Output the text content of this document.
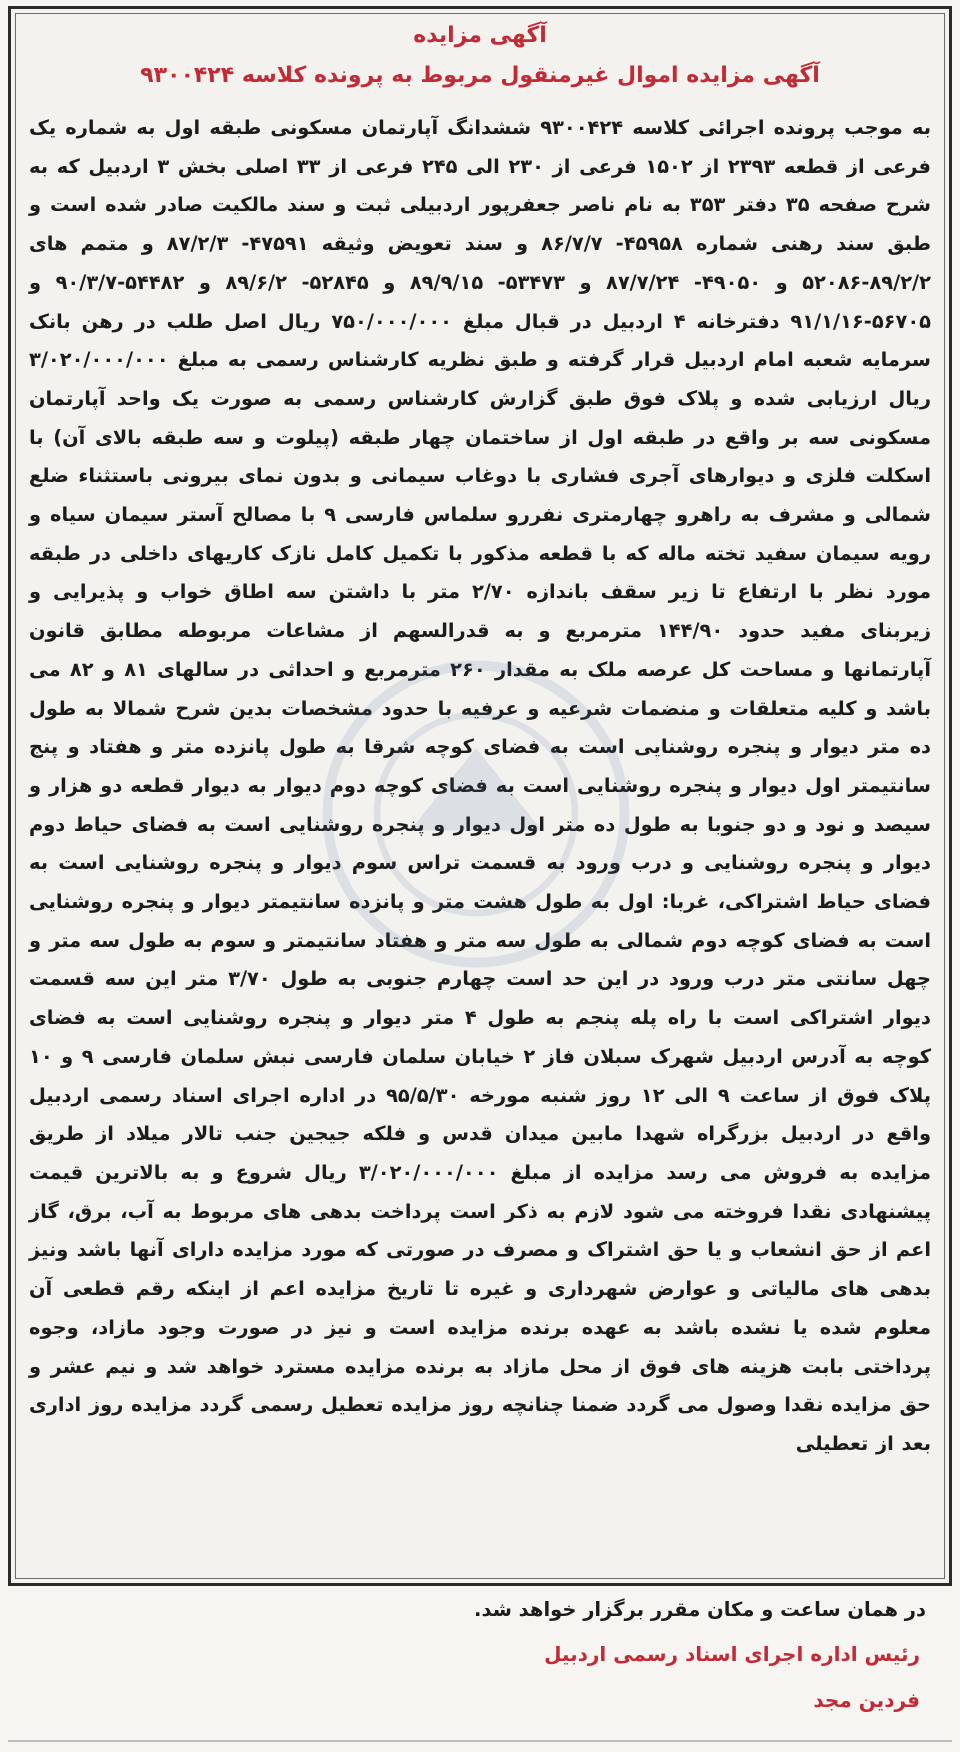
آگهی مزایده
آگهی مزایده اموال غیرمنقول مربوط به پرونده کلاسه ۹۳۰۰۴۲۴
به موجب پرونده اجرائی کلاسه ۹۳۰۰۴۲۴ ششدانگ آپارتمان مسکونی طبقه اول به شماره یک فرعی از قطعه ۲۳۹۳ از ۱۵۰۲ فرعی از ۲۳۰ الی ۲۴۵ فرعی از ۳۳ اصلی بخش ۳ اردبیل که به شرح صفحه ۳۵ دفتر ۳۵۳ به نام ناصر جعفرپور اردبیلی ثبت و سند مالکیت صادر شده است و طبق سند رهنی شماره ۴۵۹۵۸- ۸۶/۷/۷ و سند تعویض وثیقه ۴۷۵۹۱- ۸۷/۲/۳ و متمم های ۸۹/۲/۲-۵۲۰۸۶ و ۴۹۰۵۰- ۸۷/۷/۲۴ و ۵۳۴۷۳- ۸۹/۹/۱۵ و ۵۲۸۴۵- ۸۹/۶/۲ و ۵۴۴۸۲-۹۰/۳/۷ و ۵۶۷۰۵-۹۱/۱/۱۶ دفترخانه ۴ اردبیل در قبال مبلغ ۷۵۰/۰۰۰/۰۰۰ ریال اصل طلب در رهن بانک سرمایه شعبه امام اردبیل قرار گرفته و طبق نظریه کارشناس رسمی به مبلغ ۳/۰۲۰/۰۰۰/۰۰۰ ریال ارزیابی شده و پلاک فوق طبق گزارش کارشناس رسمی به صورت یک واحد آپارتمان مسکونی سه بر واقع در طبقه اول از ساختمان چهار طبقه (پیلوت و سه طبقه بالای آن) با اسکلت فلزی و دیوارهای آجری فشاری با دوغاب سیمانی و بدون نمای بیرونی باستثناء ضلع شمالی و مشرف به راهرو چهارمتری نفررو سلماس فارسی ۹ با مصالح آستر سیمان سیاه و رویه سیمان سفید تخته ماله که با قطعه مذکور با تکمیل کامل نازک کاریهای داخلی در طبقه مورد نظر با ارتفاع تا زیر سقف باندازه ۲/۷۰ متر با داشتن سه اطاق خواب و پذیرایی و زیربنای مفید حدود ۱۴۴/۹۰ مترمربع و به قدرالسهم از مشاعات مربوطه مطابق قانون آپارتمانها و مساحت کل عرصه ملک به مقدار ۲۶۰ مترمربع و احداثی در سالهای ۸۱ و ۸۲ می باشد و کلیه متعلقات و منضمات شرعیه و عرفیه با حدود مشخصات بدین شرح شمالا به طول ده متر دیوار و پنجره روشنایی است به فضای کوچه شرقا به طول پانزده متر و هفتاد و پنج سانتیمتر اول دیوار و پنجره روشنایی است به فضای کوچه دوم دیوار به دیوار قطعه دو هزار و سیصد و نود و دو جنوبا به طول ده متر اول دیوار و پنجره روشنایی است به فضای حیاط دوم دیوار و پنجره روشنایی و درب ورود به قسمت تراس سوم دیوار و پنجره روشنایی است به فضای حیاط اشتراکی، غربا: اول به طول هشت متر و پانزده سانتیمتر دیوار و پنجره روشنایی است به فضای کوچه دوم شمالی به طول سه متر و هفتاد سانتیمتر و سوم به طول سه متر و چهل سانتی متر درب ورود در این حد است چهارم جنوبی به طول ۳/۷۰ متر این سه قسمت دیوار اشتراکی است با راه پله پنجم به طول ۴ متر دیوار و پنجره روشنایی است به فضای کوچه به آدرس اردبیل شهرک سبلان فاز ۲ خیابان سلمان فارسی نبش سلمان فارسی ۹ و ۱۰ پلاک فوق از ساعت ۹ الی ۱۲ روز شنبه مورخه ۹۵/۵/۳۰ در اداره اجرای اسناد رسمی اردبیل واقع در اردبیل بزرگراه شهدا مابین میدان قدس و فلکه جیجین جنب تالار میلاد از طریق مزایده به فروش می رسد مزایده از مبلغ ۳/۰۲۰/۰۰۰/۰۰۰ ریال شروع و به بالاترین قیمت پیشنهادی نقدا فروخته می شود لازم به ذکر است پرداخت بدهی های مربوط به آب، برق، گاز اعم از حق انشعاب و یا حق اشتراک و مصرف در صورتی که مورد مزایده دارای آنها باشد ونیز بدهی های مالیاتی و عوارض شهرداری و غیره تا تاریخ مزایده اعم از اینکه رقم قطعی آن معلوم شده یا نشده باشد به عهده برنده مزایده است و نیز در صورت وجود مازاد، وجوه پرداختی بابت هزینه های فوق از محل مازاد به برنده مزایده مسترد خواهد شد و نیم عشر و حق مزایده نقدا وصول می گردد ضمنا چنانچه روز مزایده تعطیل رسمی گردد مزایده روز اداری بعد از تعطیلی
در همان ساعت و مکان مقرر برگزار خواهد شد.
رئیس اداره اجرای اسناد رسمی اردبیل
فردین مجد
